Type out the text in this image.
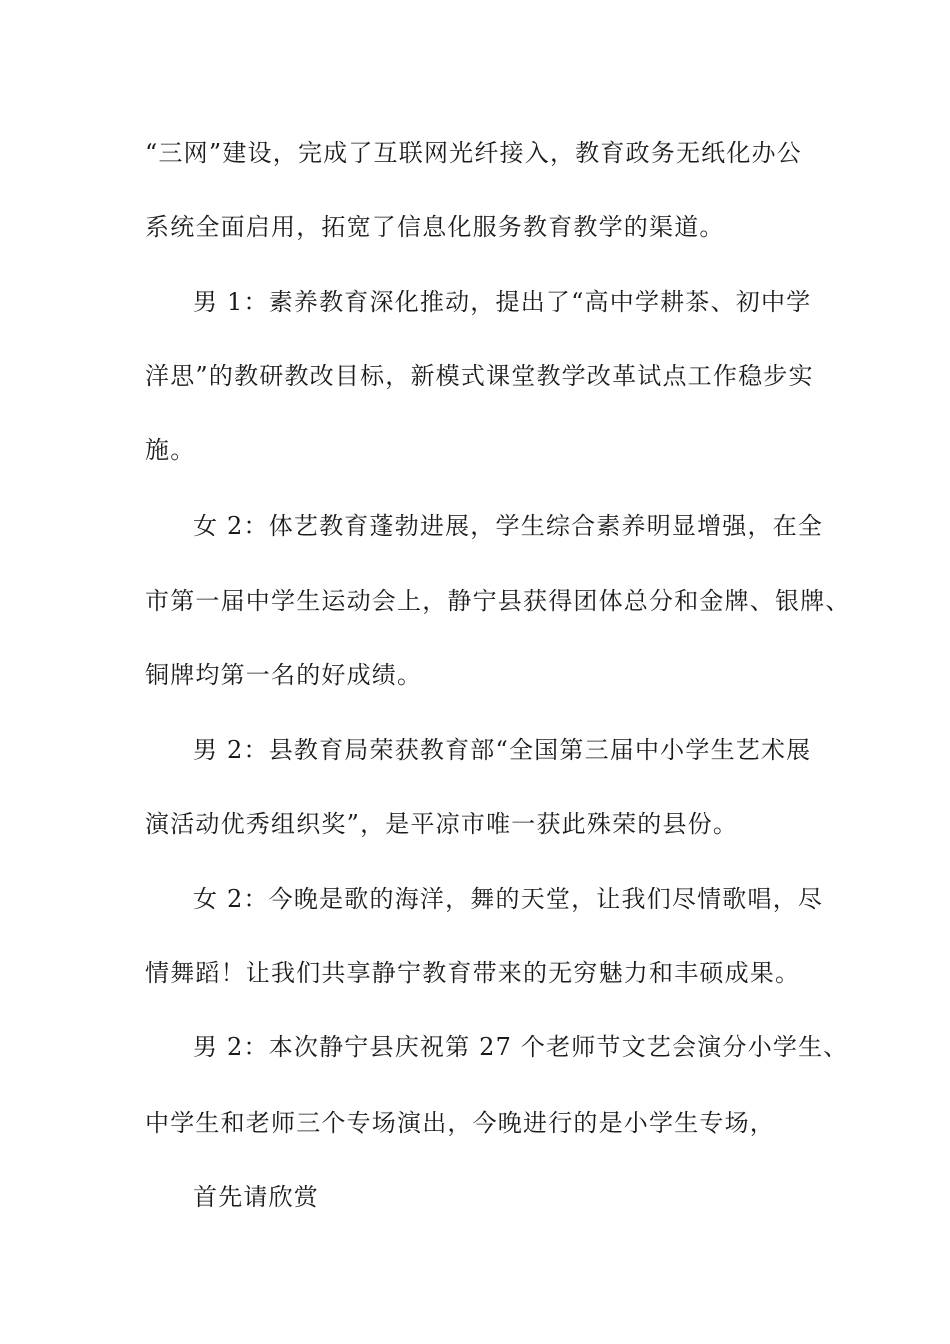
“三网”建设，完成了互联网光纤接入，教育政务无纸化办公
系统全面启用，拓宽了信息化服务教育教学的渠道。
男 1：素养教育深化推动，提出了“高中学耕茶、初中学
洋思”的教研教改目标，新模式课堂教学改革试点工作稳步实
施。
女 2：体艺教育蓬勃进展，学生综合素养明显增强，在全
市第一届中学生运动会上，静宁县获得团体总分和金牌、银牌、
铜牌均第一名的好成绩。
男 2：县教育局荣获教育部“全国第三届中小学生艺术展
演活动优秀组织奖”，是平凉市唯一获此殊荣的县份。
女 2：今晚是歌的海洋，舞的天堂，让我们尽情歌唱，尽
情舞蹈！让我们共享静宁教育带来的无穷魅力和丰硕成果。
男 2：本次静宁县庆祝第 27 个老师节文艺会演分小学生、
中学生和老师三个专场演出，今晚进行的是小学生专场，
首先请欣赏
